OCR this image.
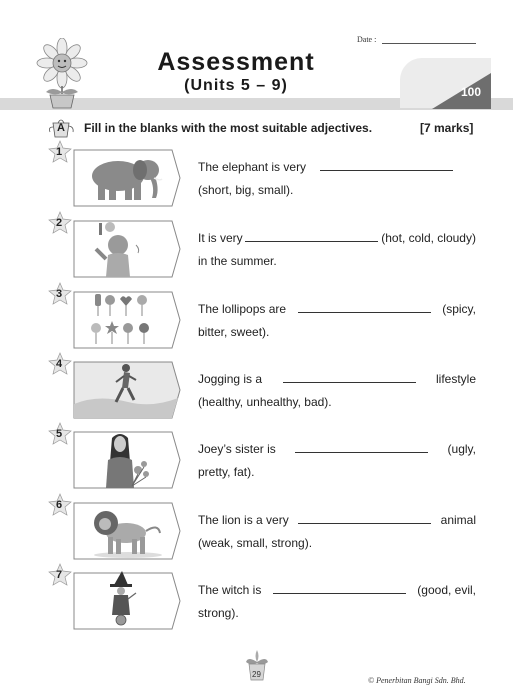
Date :
100
Assessment
(Units 5 – 9)
A Fill in the blanks with the most suitable adjectives.	[7 marks]
1
The elephant is very
(short, big, small).
2
It is very	(hot, cold, cloudy)
in the summer.
3
The lollipops are	(spicy,
bitter, sweet).
4
Jogging is a	lifestyle
(healthy, unhealthy, bad).
5
Joey’s sister is	(ugly,
pretty, fat).
6
The lion is a very	animal
(weak, small, strong).
7
The witch is	(good, evil,
strong).
29
© Penerbitan Bangi Sdn. Bhd.
